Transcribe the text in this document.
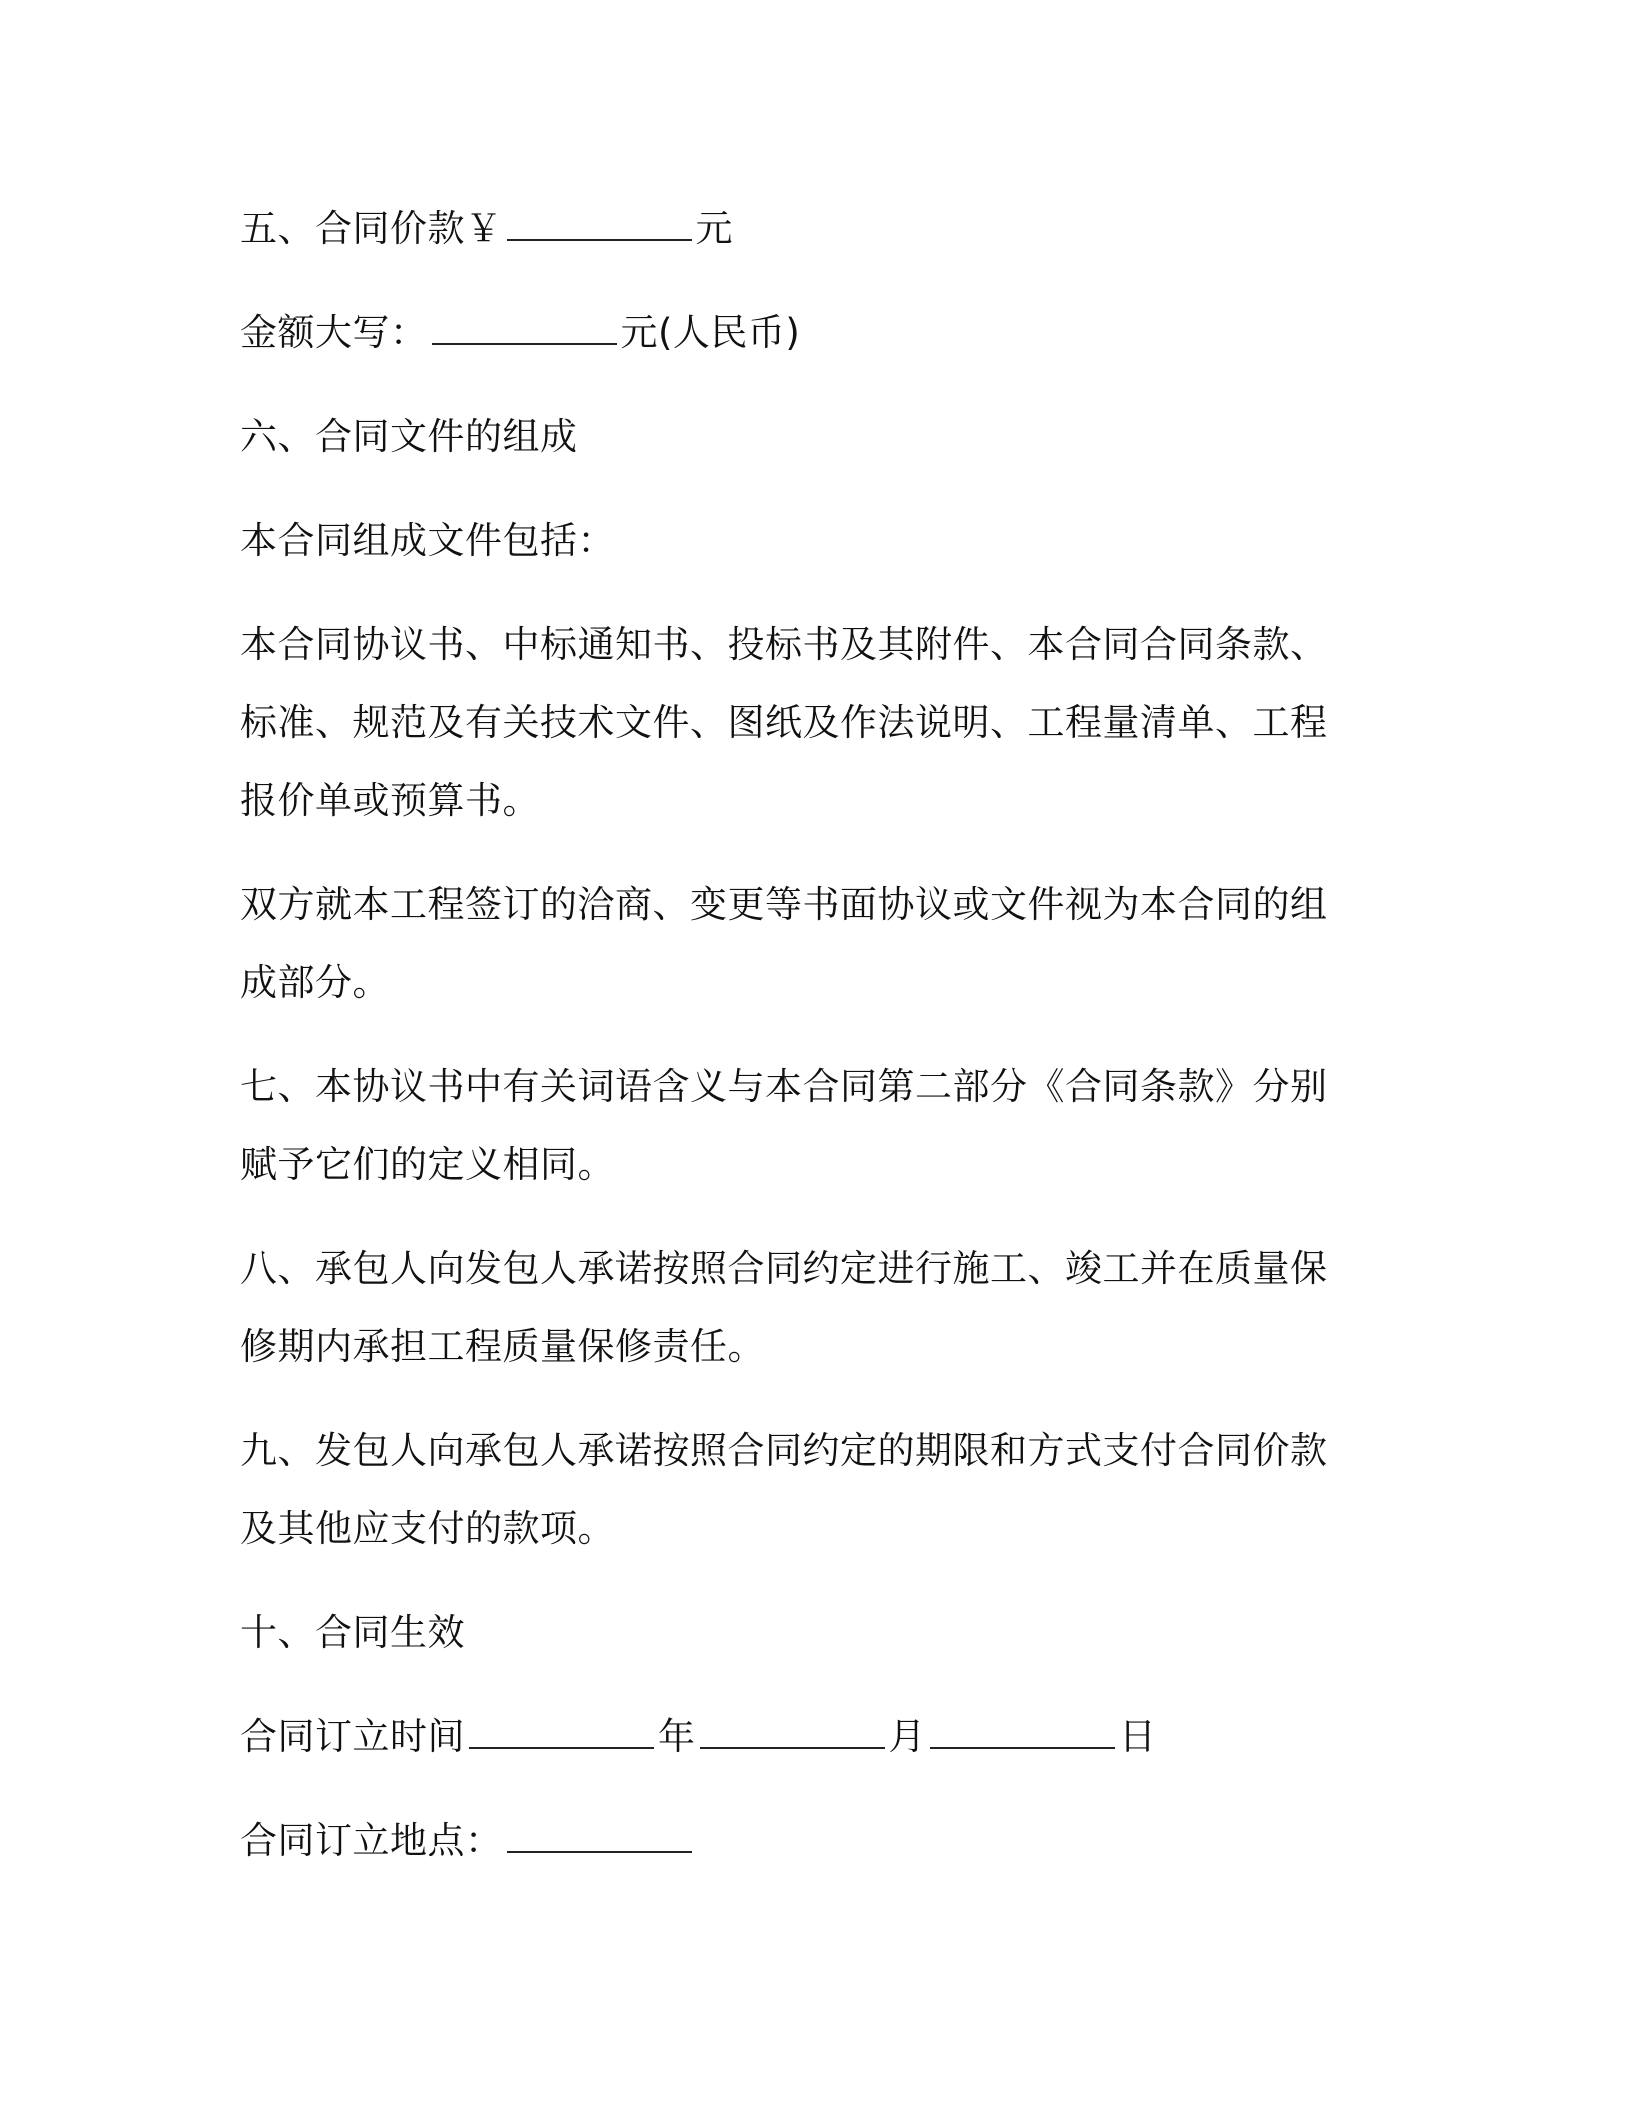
五、合同价款￥	元

金额大写：	元(人民币)

六、合同文件的组成

本合同组成文件包括：

本合同协议书、中标通知书、投标书及其附件、本合同合同条款、标准、规范及有关技术文件、图纸及作法说明、工程量清单、工程报价单或预算书。

双方就本工程签订的洽商、变更等书面协议或文件视为本合同的组成部分。

七、本协议书中有关词语含义与本合同第二部分《合同条款》分别赋予它们的定义相同。

八、承包人向发包人承诺按照合同约定进行施工、竣工并在质量保修期内承担工程质量保修责任。

九、发包人向承包人承诺按照合同约定的期限和方式支付合同价款及其他应支付的款项。

十、合同生效

合同订立时间	年	月	日

合同订立地点：
